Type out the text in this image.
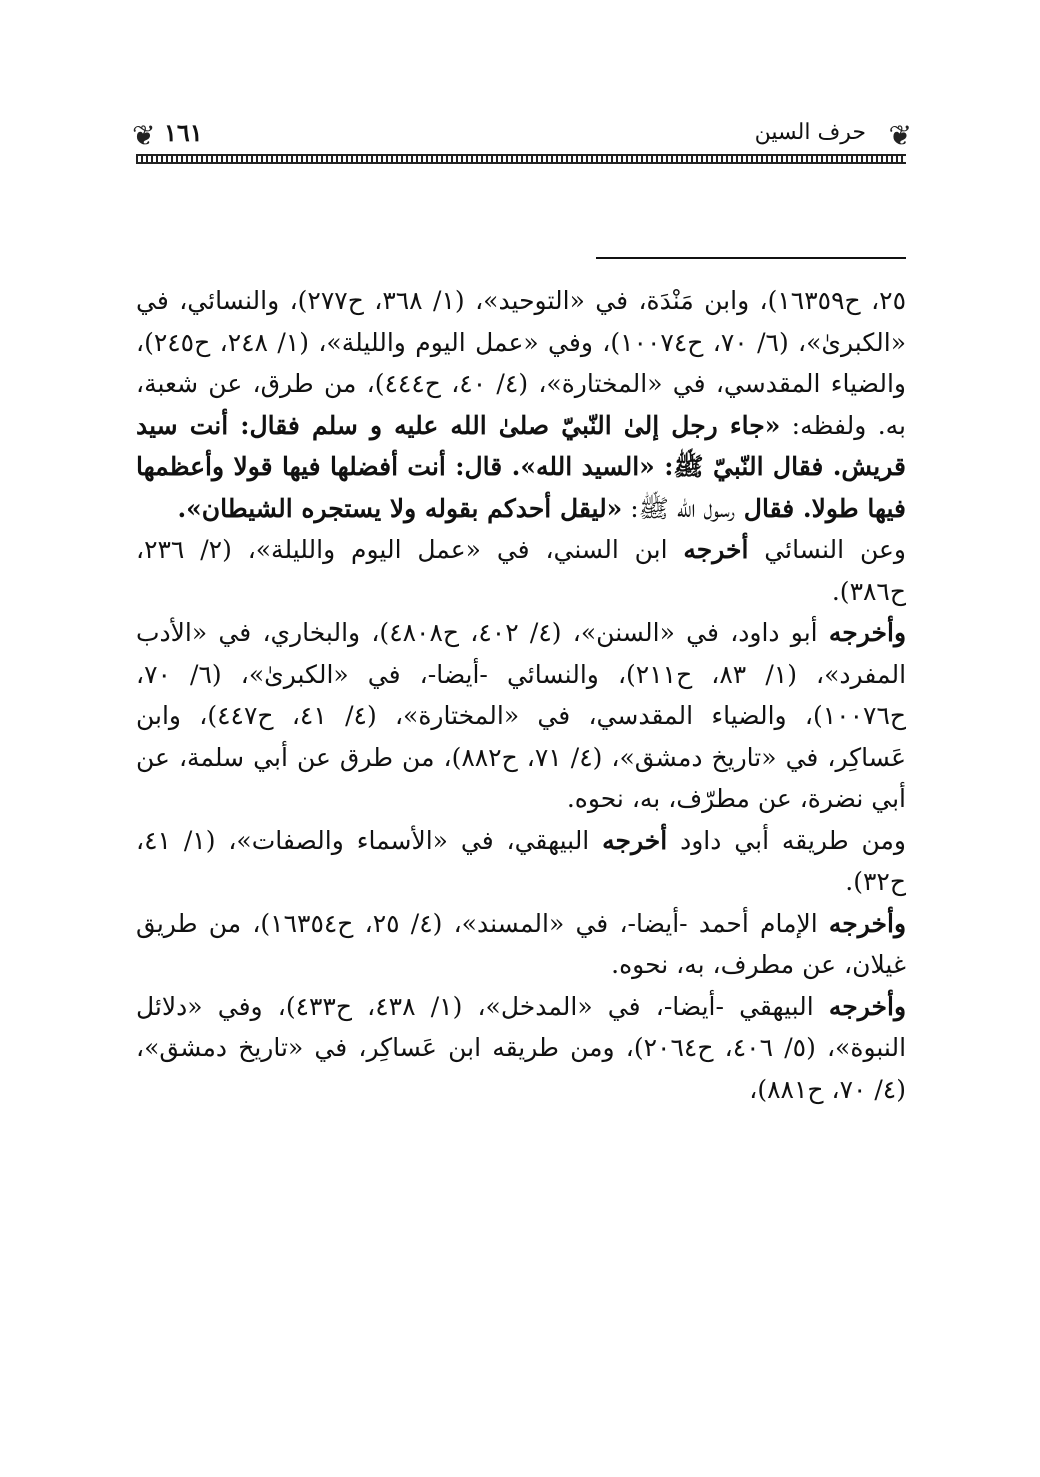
❦
حرف السين
١٦١
❦

٢٥، ح١٦٣٥٩)، وابن مَنْدَة، في «التوحيد»، (١/ ٣٦٨، ح٢٧٧)، والنسائي، في «الكبرىٰ»، (٦/ ٧٠، ح١٠٠٧٤)، وفي «عمل اليوم والليلة»، (١/ ٢٤٨، ح٢٤٥)، والضياء المقدسي، في «المختارة»، (٤/ ٤٠، ح٤٤٤)، من طرق، عن شعبة، به. ولفظه: «جاء رجل إلىٰ النّبيّ صلىٰ الله عليه و سلم فقال: أنت سيد قريش. فقال النّبيّ ﷺ: «السيد الله». قال: أنت أفضلها فيها قولا وأعظمها فيها طولا. فقال رسول الله ﷺ: «ليقل أحدكم بقوله ولا يستجره الشيطان».

وعن النسائي أخرجه ابن السني، في «عمل اليوم والليلة»، (٢/ ٢٣٦، ح٣٨٦).

وأخرجه أبو داود، في «السنن»، (٤/ ٤٠٢، ح٤٨٠٨)، والبخاري، في «الأدب المفرد»، (١/ ٨٣، ح٢١١)، والنسائي -أيضا-، في «الكبرىٰ»، (٦/ ٧٠، ح١٠٠٧٦)، والضياء المقدسي، في «المختارة»، (٤/ ٤١، ح٤٤٧)، وابن عَساكِر، في «تاريخ دمشق»، (٤/ ٧١، ح٨٨٢)، من طرق عن أبي سلمة، عن أبي نضرة، عن مطرّف، به، نحوه.

ومن طريقه أبي داود أخرجه البيهقي، في «الأسماء والصفات»، (١/ ٤١، ح٣٢).

وأخرجه الإمام أحمد -أيضا-، في «المسند»، (٤/ ٢٥، ح١٦٣٥٤)، من طريق غيلان، عن مطرف، به، نحوه.

وأخرجه البيهقي -أيضا-، في «المدخل»، (١/ ٤٣٨، ح٤٣٣)، وفي «دلائل النبوة»، (٥/ ٤٠٦، ح٢٠٦٤)، ومن طريقه ابن عَساكِر، في «تاريخ دمشق»، (٤/ ٧٠، ح٨٨١)،
